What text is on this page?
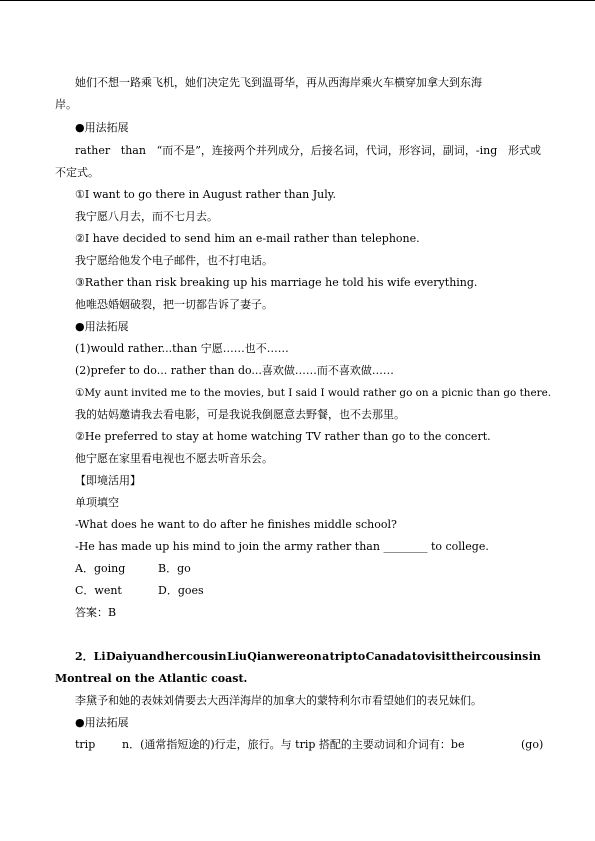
她们不想一路乘飞机，她们决定先飞到温哥华，再从西海岸乘火车横穿加拿大到东海
岸。
●用法拓展
rather than “而不是”，连接两个并列成分，后接名词，代词，形容词，副词，-ing 形式或
不定式。
①I want to go there in August rather than July.
我宁愿八月去，而不七月去。
②I have decided to send him an e-mail rather than telephone.
我宁愿给他发个电子邮件，也不打电话。
③Rather than risk breaking up his marriage he told his wife everything.
他唯恐婚姻破裂，把一切都告诉了妻子。
●用法拓展
(1)would rather...than 宁愿……也不……
(2)prefer to do... rather than do...喜欢做……而不喜欢做……
①My aunt invited me to the movies, but I said I would rather go on a picnic than go there.
我的姑妈邀请我去看电影，可是我说我倒愿意去野餐，也不去那里。
②He preferred to stay at home watching TV rather than go to the concert.
他宁愿在家里看电视也不愿去听音乐会。
【即境活用】
单项填空
-What does he want to do after he finishes middle school?
-He has made up his mind to join the army rather than ________ to college.
A．going	B．go
C．went	D．goes
答案：B
2．Li Daiyu and her cousin Liu Qian were on a trip to Canada to visit their cousins in
Montreal on the Atlantic coast.
李黛予和她的表妹刘倩要去大西洋海岸的加拿大的蒙特利尔市看望她们的表兄妹们。
●用法拓展
trip n．(通常指短途的)行走，旅行。与 trip 搭配的主要动词和介词有：be	(go)
